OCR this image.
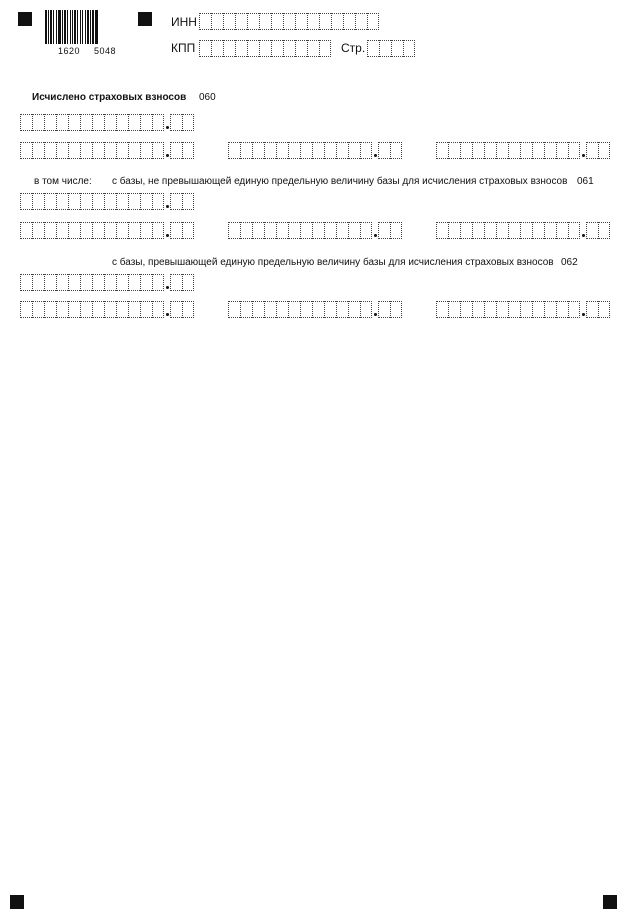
1620 5048
ИНН
КПП	Стр.
Исчислено страховых взносов 060
в том числе: с базы, не превышающей единую предельную величину базы для исчисления страховых взносов 061
с базы, превышающей единую предельную величину базы для исчисления страховых взносов 062
